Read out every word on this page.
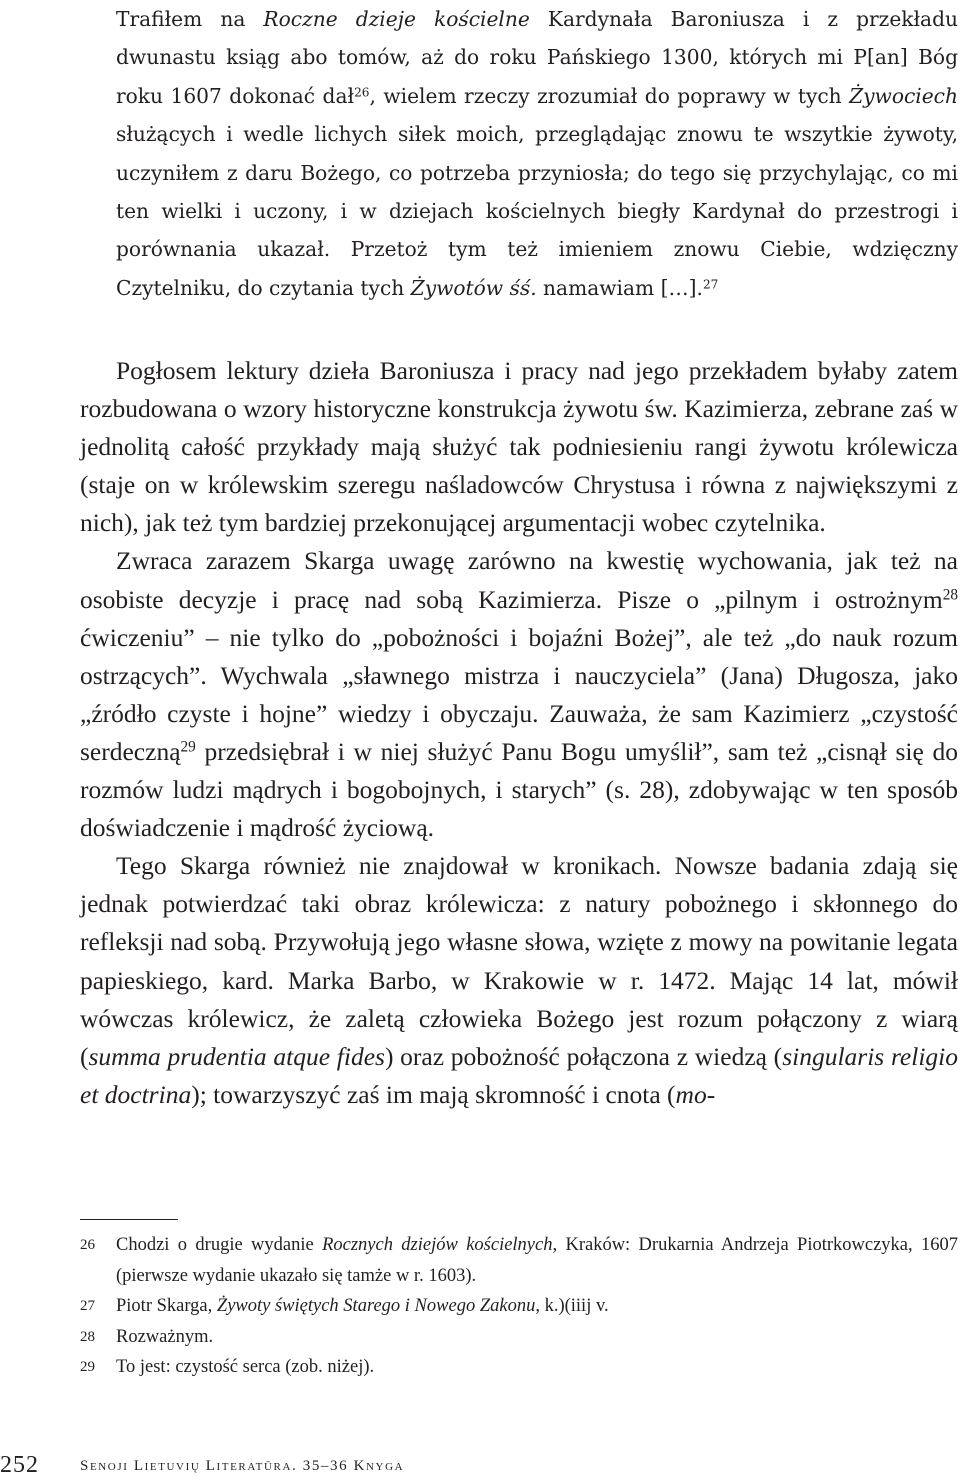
Trafiłem na Roczne dzieje kościelne Kardynała Baroniusza i z przekładu dwunastu ksiąg abo tomów, aż do roku Pańskiego 1300, których mi P[an] Bóg roku 1607 dokonać dał$^{26}$, wielem rzeczy zrozumiał do poprawy w tych Żywociech służących i wedle lichych siłek moich, przeglądając znowu te wszytkie żywoty, uczyniłem z daru Bożego, co potrzeba przyniosła; do tego się przychylając, co mi ten wielki i uczony, i w dziejach kościelnych biegły Kardynał do przestrogi i porównania ukazał. Przetoż tym też imieniem znowu Ciebie, wdzięczny Czytelniku, do czytania tych Żywotów śś. namawiam […].$^{27}$

Pogłosem lektury dzieła Baroniusza i pracy nad jego przekładem byłaby zatem rozbudowana o wzory historyczne konstrukcja żywotu św. Kazimierza, zebrane zaś w jednolitą całość przykłady mają służyć tak podniesieniu rangi żywotu królewicza (staje on w królewskim szeregu naśladowców Chrystusa i równa z największymi z nich), jak też tym bardziej przekonującej argumentacji wobec czytelnika.

Zwraca zarazem Skarga uwagę zarówno na kwestię wychowania, jak też na osobiste decyzje i pracę nad sobą Kazimierza. Pisze o „pilnym i ostrożnym$^{28}$ ćwiczeniu” – nie tylko do „pobożności i bojaźni Bożej”, ale też „do nauk rozum ostrzących”. Wychwala „sławnego mistrza i nauczyciela” (Jana) Długosza, jako „źródło czyste i hojne” wiedzy i obyczaju. Zauważa, że sam Kazimierz „czystość serdeczną$^{29}$ przedsiębrał i w niej służyć Panu Bogu umyślił”, sam też „cisnął się do rozmów ludzi mądrych i bogobojnych, i starych” (s. 28), zdobywając w ten sposób doświadczenie i mądrość życiową.

Tego Skarga również nie znajdował w kronikach. Nowsze badania zdają się jednak potwierdzać taki obraz królewicza: z natury pobożnego i skłonnego do refleksji nad sobą. Przywołują jego własne słowa, wzięte z mowy na powitanie legata papieskiego, kard. Marka Barbo, w Krakowie w r. 1472. Mając 14 lat, mówił wówczas królewicz, że zaletą człowieka Bożego jest rozum połączony z wiarą (summa prudentia atque fides) oraz pobożność połączona z wiedzą (singularis religio et doctrina); towarzyszyć zaś im mają skromność i cnota (mo-

26 Chodzi o drugie wydanie Rocznych dziejów kościelnych, Kraków: Drukarnia Andrzeja Piotrkowczyka, 1607 (pierwsze wydanie ukazało się tamże w r. 1603).
27 Piotr Skarga, Żywoty świętych Starego i Nowego Zakonu, k.)(iiij v.
28 Rozważnym.
29 To jest: czystość serca (zob. niżej).
252	Senoji Lietuvių Literatūra. 35–36 Knyga
